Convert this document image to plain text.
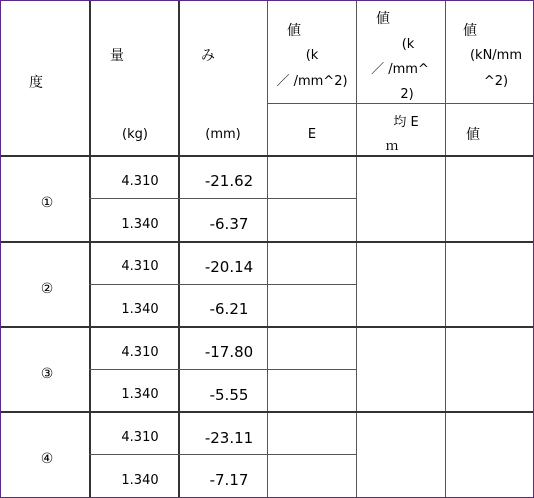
度
量
(kg)
み
(mm)
値
(k
／ /mm^2)
E
値
(k
／ /mm^
2)
均 E
ｍ
値
(kN/mm
^2)
値
①
4.310
1.340
-21.62
-6.37
②
4.310
1.340
-20.14
-6.21
③
4.310
1.340
-17.80
-5.55
④
4.310
1.340
-23.11
-7.17
